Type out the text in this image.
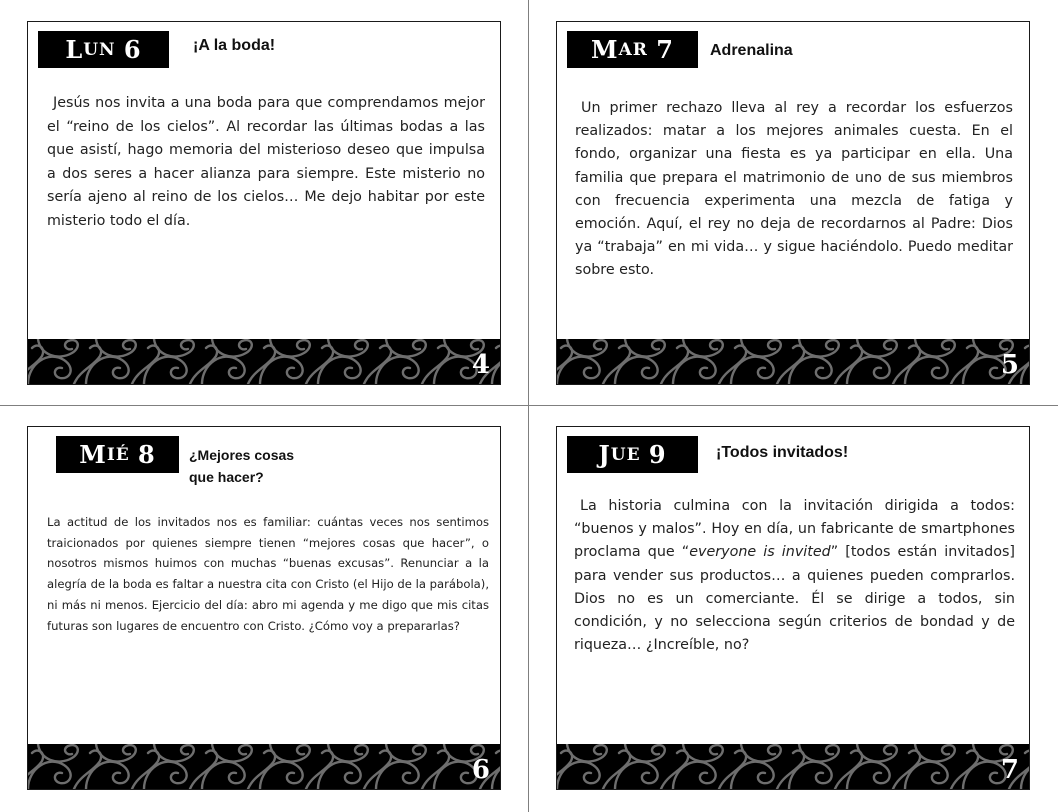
L UN
6	¡A la boda!
Jesús nos invita a una boda para que comprendamos mejor el “reino de los cielos”. Al recordar las últimas bodas a las que asistí, hago memoria del misterioso deseo que impulsa a dos seres a hacer alianza para siempre. Este misterio no sería ajeno al reino de los cielos… Me dejo habitar por este misterio todo el día.
4
M AR
7 Adrenalina
Un primer rechazo lleva al rey a recordar los esfuerzos realizados: matar a los mejores animales cuesta. En el fondo, organizar una fiesta es ya participar en ella. Una familia que prepara el matrimonio de uno de sus miembros con frecuencia experimenta una mezcla de fatiga y emoción. Aquí, el rey no deja de recordarnos al Padre: Dios ya “trabaja” en mi vida… y sigue haciéndolo. Puedo meditar sobre esto.
5
M IÉ
8 ¿Mejores cosas
que hacer?
La actitud de los invitados nos es familiar: cuántas veces nos sentimos traicionados por quienes siempre tienen “mejores cosas que hacer”, o nosotros mismos huimos con muchas “buenas excusas”. Renunciar a la alegría de la boda es faltar a nuestra cita con Cristo (el Hijo de la parábola), ni más ni menos. Ejercicio del día: abro mi agenda y me digo que mis citas futuras son lugares de encuentro con Cristo. ¿Cómo voy a prepararlas?
6
J UE
9	¡Todos invitados!
La historia culmina con la invitación dirigida a todos: “buenos y malos”. Hoy en día, un fabricante de smartphones proclama que “everyone is invited” [todos están invitados] para vender sus productos… a quienes pueden comprarlos. Dios no es un comerciante. Él se dirige a todos, sin condición, y no selecciona según criterios de bondad y de riqueza… ¿Increíble, no?
7
